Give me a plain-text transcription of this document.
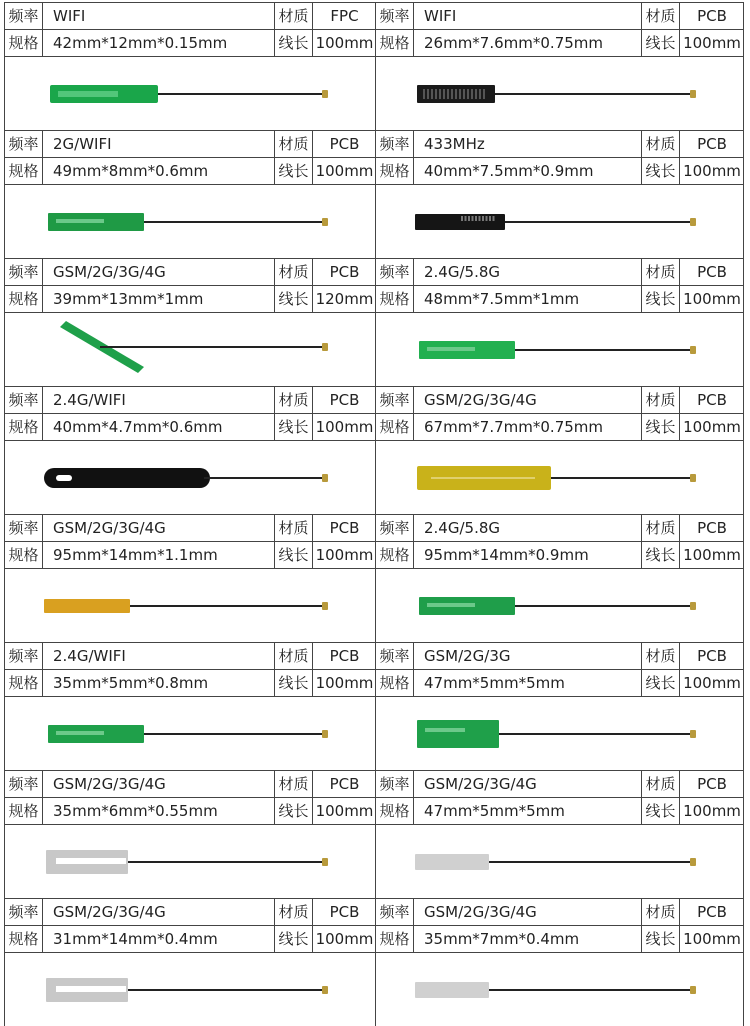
频率 WIFI	材质	FPC
规格 42mm*12mm*0.15mm	线长 100mm
频率 WIFI	材质	PCB
规格 26mm*7.6mm*0.75mm	线长 100mm
频率 2G/WIFI	材质	PCB
规格 49mm*8mm*0.6mm	线长 100mm
频率 433MHz	材质	PCB
规格 40mm*7.5mm*0.9mm	线长 100mm
频率 GSM/2G/3G/4G	材质	PCB
规格 39mm*13mm*1mm	线长 120mm
频率 2.4G/5.8G	材质	PCB
规格 48mm*7.5mm*1mm	线长 100mm
频率 2.4G/WIFI	材质	PCB
规格 40mm*4.7mm*0.6mm	线长 100mm
频率 GSM/2G/3G/4G	材质	PCB
规格 67mm*7.7mm*0.75mm	线长 100mm
频率 GSM/2G/3G/4G	材质	PCB
规格 95mm*14mm*1.1mm	线长 100mm
频率 2.4G/5.8G	材质	PCB
规格 95mm*14mm*0.9mm	线长 100mm
频率 2.4G/WIFI	材质	PCB
规格 35mm*5mm*0.8mm	线长 100mm
频率 GSM/2G/3G	材质	PCB
规格 47mm*5mm*5mm	线长 100mm
频率 GSM/2G/3G/4G	材质	PCB
规格 35mm*6mm*0.55mm	线长 100mm
频率 GSM/2G/3G/4G	材质	PCB
规格 47mm*5mm*5mm	线长 100mm
频率 GSM/2G/3G/4G	材质	PCB
规格 31mm*14mm*0.4mm	线长 100mm
频率 GSM/2G/3G/4G	材质	PCB
规格 35mm*7mm*0.4mm	线长 100mm
